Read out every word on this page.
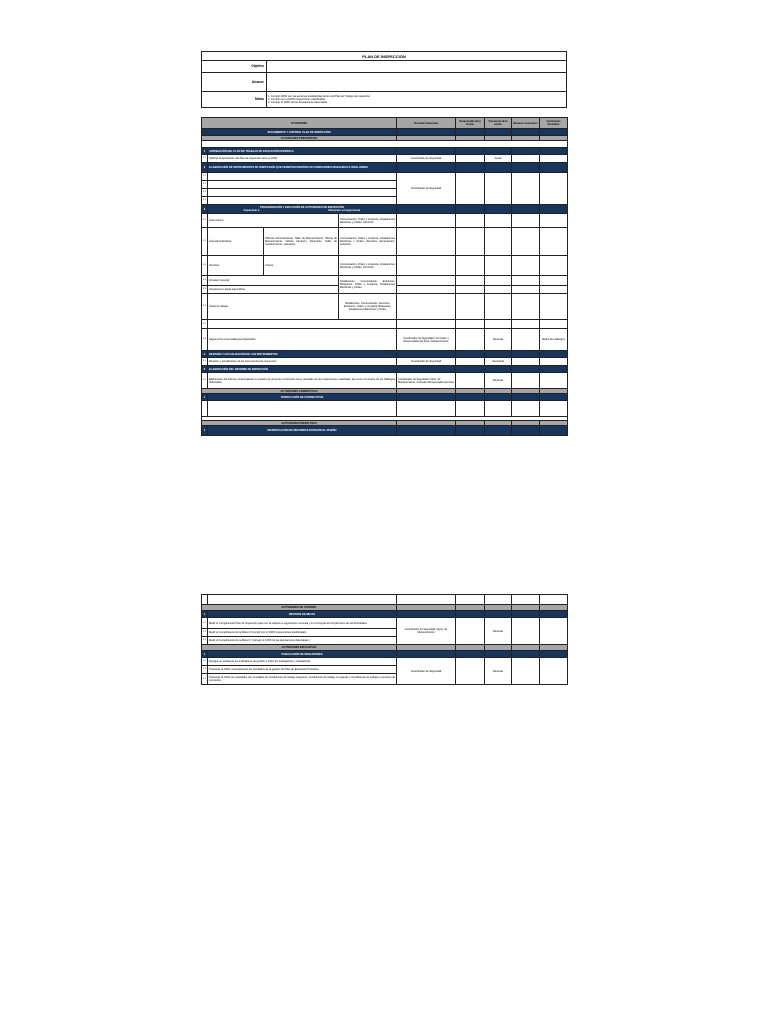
PLAN DE INSPECCIÓN	
Objetivo	
Alcance	
Metas	1. Cumplir 100% con las acciones establecidas dentro del Plan de Trabajo de inspección.
2. Cumplir con el 100% inspecciones planificadas.
3. Corregir el 100% de las desviaciones detectadas.
ACTIVIDADES				Personal involucrado	Responsable de la Acción	Frecuencia de la acción	Recursos necesarios	Instrumento Normativo
SEGUIMIENTO Y CONTROL PLAN DE INSPECCIÓN								
ACTIVIDADES PREVENTIVAS								

1	APROBACIÓN DEL PLAN DE TRABAJO DE EDUCACIÓN PERIÓDICA							
1.1	Solicitar la Aprobación del Plan de Inspección ante el CSSL			Coordinador de Seguridad		Anual		
2	ELABORACIÓN DE INSTRUMENTOS DE INSPECCIÓN QUE PERMITAN IDENTIFICAR CONDICIONES INSEGURAS E INSALUBRES							
2.1				Coordinador de Seguridad				
2.2								
2.3								
2.4								
3	PROGRAMACIÓN Y EJECUCIÓN DE ACTIVIDADES DE INSPECCIÓN
Inspección a Elementos a Inspeccionar							

3.1	Área Cocina		Comunicación, Orden y Limpieza, Instalaciones Eléctricas y Civiles, Servicios					
3.2	Área Administrativa	Oficinas Administrativas, Taller de Mantenimiento, Oficina de Mantenimiento, Oficina Almacén, Despacho, Taller de mantenimiento, vestuarios	Comunicación, Orden y Limpieza, Instalaciones Eléctricas y Civiles, Servicios, demarcación, ambiente					
3.3	Servicios	Cocina	Comunicación, Orden y Limpieza, Instalaciones Eléctricas y Civiles, Servicios					
3.4	Almacén General		Señalización, Comunicación, Extintores, Botiquines, Orden y Limpieza, Instalaciones Eléctricas y Civiles					
3.5	Almacenes o áreas específicas							
3.6	Áreas de trabajo		Señalización, Comunicación, Servicios, Extintores, Orden y Limpieza, Botiquines, Instalaciones Eléctricas y Civiles					
3.7								
3.8	Seguimiento a los Hallazgos Detectados			Coordinador de Seguridad / Consultor y Responsable del Área / Mantenimiento		Mensual		Matriz de Hallazgos
4	REVISIÓN Y ACTUALIZACIÓN DE LOS INSTRUMENTOS							
4.1	Revisión y actualización de los instrumentos de inspección			Coordinador de Seguridad		Semestral		
5	ELABORACIÓN DEL INFORME DE INSPECCIÓN							
5.1	Elaboración del informe contemplando la emisión de acciones correctivas como resultado de las inspecciones realizadas, así como el número de los hallazgos detectados			Coordinador de Seguridad / Dpto. de Mantenimiento, Consultor Responsable del Área		Mensual		
ACTIVIDADES CORRECTIVAS								
1	VERIFICACIÓN DE CORRECTIVOS							

ACTIVIDADES PREDICTIVAS								
1	IDENTIFICACIÓN DE REFORMAS DURANTE EL DISEÑO							

ACTIVIDADES DE CONTROL						
1	REVISIÓN DE METAS					
1.1	Medir el Cumplimiento Plan de Inspección para con la relación a seguimiento mensual y su Cronograma Cumplimiento de las Actividades	Coordinador de Seguridad / Dpto. de Mantenimiento		Mensual		
1.2	Medir el Cumplimiento de la Meta 2 (Cumplir con el 100% inspecciones planificadas)					
1.3	Medir el Cumplimiento de la Meta 3 ( Corregir el 100% de las desviaciones detectadas )					
ACTIVIDADES EDUCATIVAS						
1	PUBLICACIÓN DE INDICADORES					
1.1	Divulgar en carteleras los indicadores de gestión a todos los trabajadores y trabajadoras	Coordinador de Seguridad		Mensual		
1.2	Presentar al CSSL mensualmente los resultados de la gestión del Plan de Educación Periódica.					
1.3	Presentar al CSSL los resultados con el análisis de Condiciones de trabajo inseguras, Condiciones de trabajo no seguras y Condiciones de trabajo en proceso de corrección.					
